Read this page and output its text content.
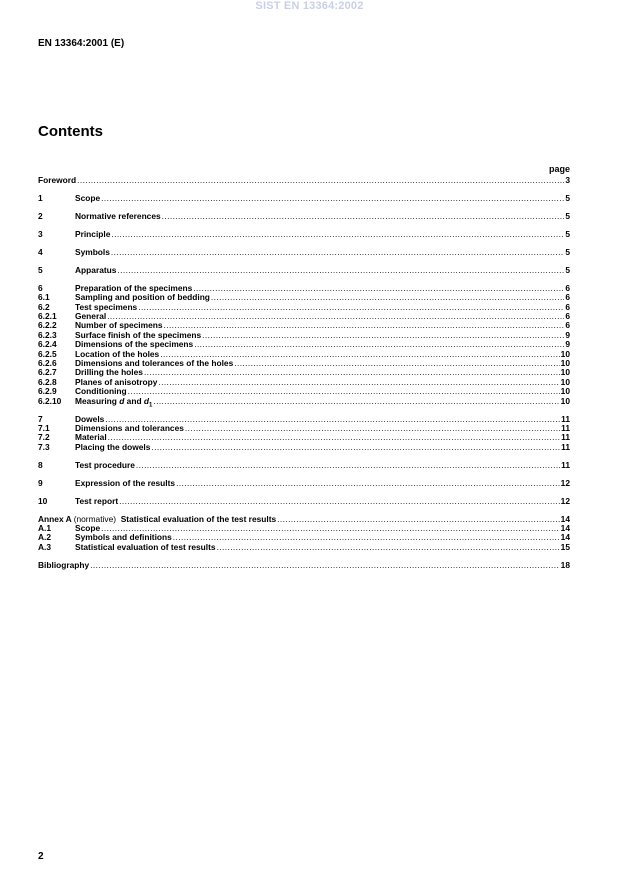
SIST EN 13364:2002
EN 13364:2001 (E)
Contents
page
Foreword .....	3
1	Scope .....	5
2	Normative references .....	5
3	Principle .....	5
4	Symbols .....	5
5	Apparatus .....	5
6	Preparation of the specimens .....	6
6.1	Sampling and position of bedding .....	6
6.2	Test specimens .....	6
6.2.1	General .....	6
6.2.2	Number of specimens .....	6
6.2.3	Surface finish of the specimens .....	9
6.2.4	Dimensions of the specimens .....	9
6.2.5	Location of the holes .....	10
6.2.6	Dimensions and tolerances of the holes .....	10
6.2.7	Drilling the holes .....	10
6.2.8	Planes of anisotropy .....	10
6.2.9	Conditioning .....	10
6.2.10	Measuring d and $d_1$ .....	10
7	Dowels .....	11
7.1	Dimensions and tolerances .....	11
7.2	Material .....	11
7.3	Placing the dowels .....	11
8	Test procedure .....	11
9	Expression of the results .....	12
10	Test report .....	12
Annex A (normative) Statistical evaluation of the test results .....	14
A.1	Scope .....	14
A.2	Symbols and definitions .....	14
A.3	Statistical evaluation of test results .....	15
Bibliography .....	18
2
